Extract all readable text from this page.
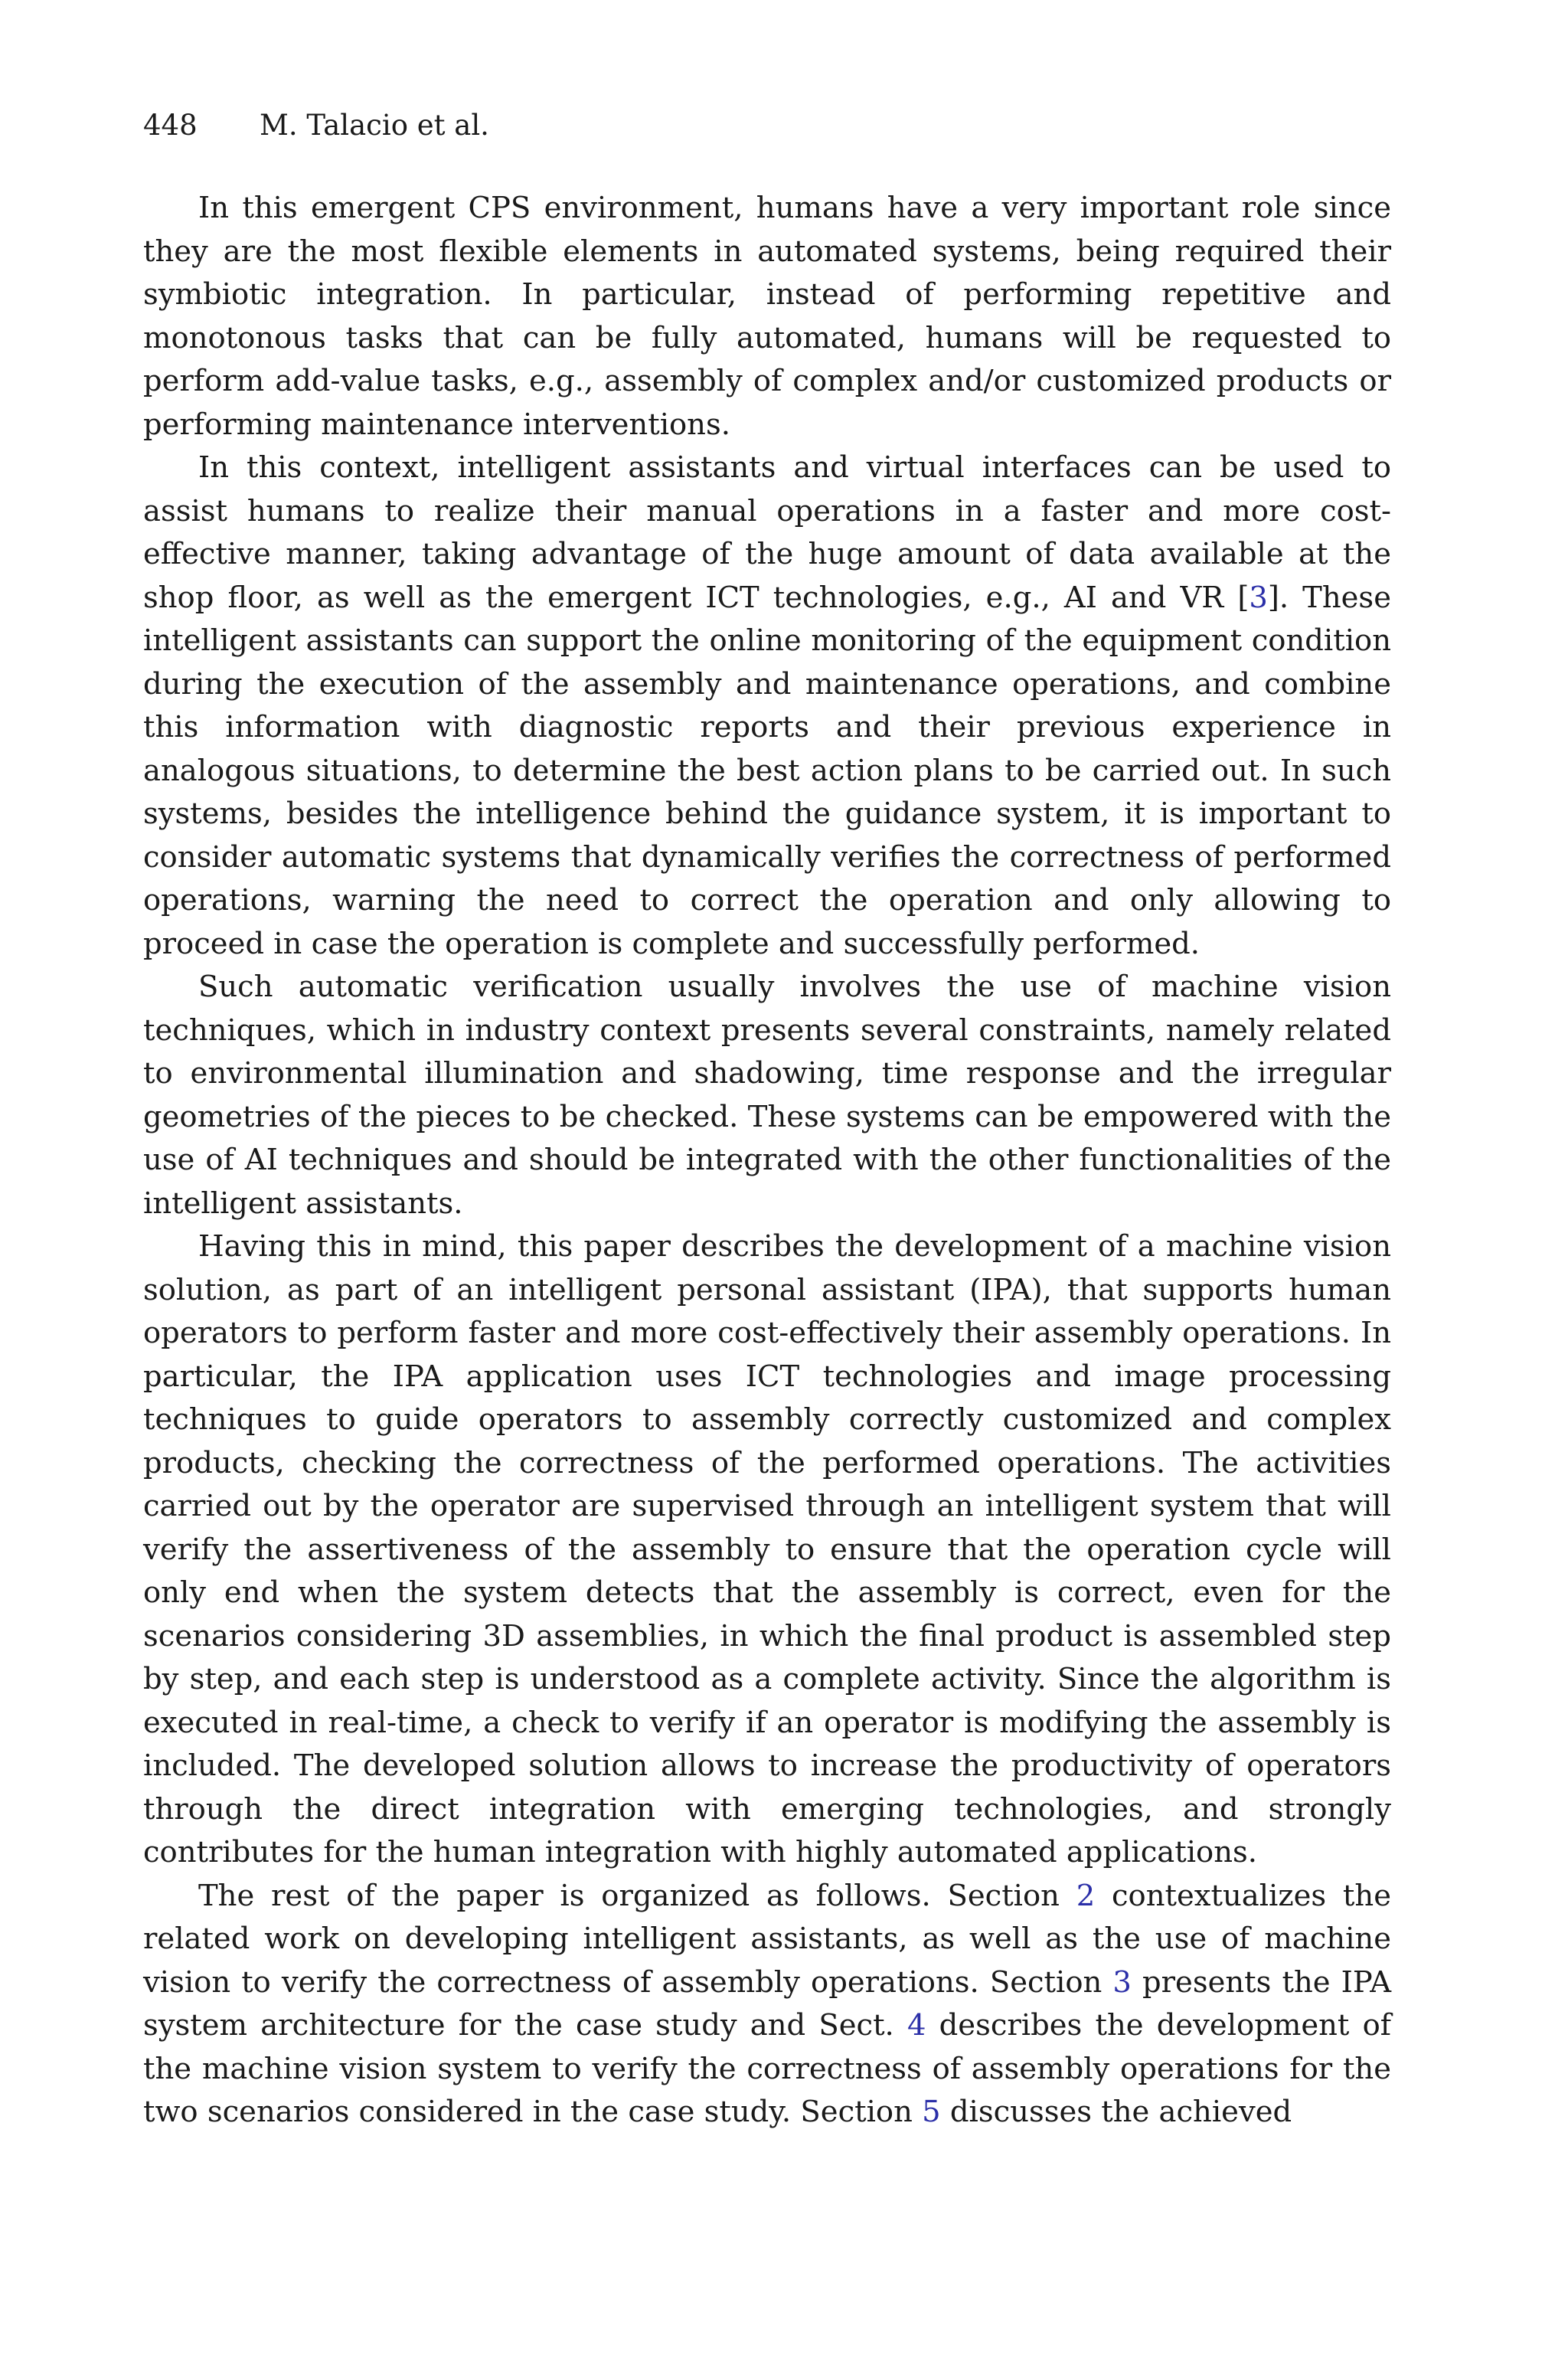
448 M. Talacio et al.

In this emergent CPS environment, humans have a very important role since they are the most flexible elements in automated systems, being required their symbiotic integration. In particular, instead of performing repetitive and monotonous tasks that can be fully automated, humans will be requested to perform add-value tasks, e.g., assembly of complex and/or customized products or performing maintenance interventions.

In this context, intelligent assistants and virtual interfaces can be used to assist humans to realize their manual operations in a faster and more cost-effective manner, taking advantage of the huge amount of data available at the shop floor, as well as the emergent ICT technologies, e.g., AI and VR [3]. These intelligent assistants can support the online monitoring of the equipment condition during the execution of the assembly and maintenance operations, and combine this information with diagnostic reports and their previous experience in analogous situations, to determine the best action plans to be carried out. In such systems, besides the intelligence behind the guidance system, it is important to consider automatic systems that dynamically verifies the correctness of performed operations, warning the need to correct the operation and only allowing to proceed in case the operation is complete and successfully performed.

Such automatic verification usually involves the use of machine vision techniques, which in industry context presents several constraints, namely related to environmental illumination and shadowing, time response and the irregular geometries of the pieces to be checked. These systems can be empowered with the use of AI techniques and should be integrated with the other functionalities of the intelligent assistants.

Having this in mind, this paper describes the development of a machine vision solution, as part of an intelligent personal assistant (IPA), that supports human operators to perform faster and more cost-effectively their assembly operations. In particular, the IPA application uses ICT technologies and image processing techniques to guide operators to assembly correctly customized and complex products, checking the correctness of the performed operations. The activities carried out by the operator are supervised through an intelligent system that will verify the assertiveness of the assembly to ensure that the operation cycle will only end when the system detects that the assembly is correct, even for the scenarios considering 3D assemblies, in which the final product is assembled step by step, and each step is understood as a complete activity. Since the algorithm is executed in real-time, a check to verify if an operator is modifying the assembly is included. The developed solution allows to increase the productivity of operators through the direct integration with emerging technologies, and strongly contributes for the human integration with highly automated applications.

The rest of the paper is organized as follows. Section 2 contextualizes the related work on developing intelligent assistants, as well as the use of machine vision to verify the correctness of assembly operations. Section 3 presents the IPA system architecture for the case study and Sect. 4 describes the development of the machine vision system to verify the correctness of assembly operations for the two scenarios considered in the case study. Section 5 discusses the achieved
